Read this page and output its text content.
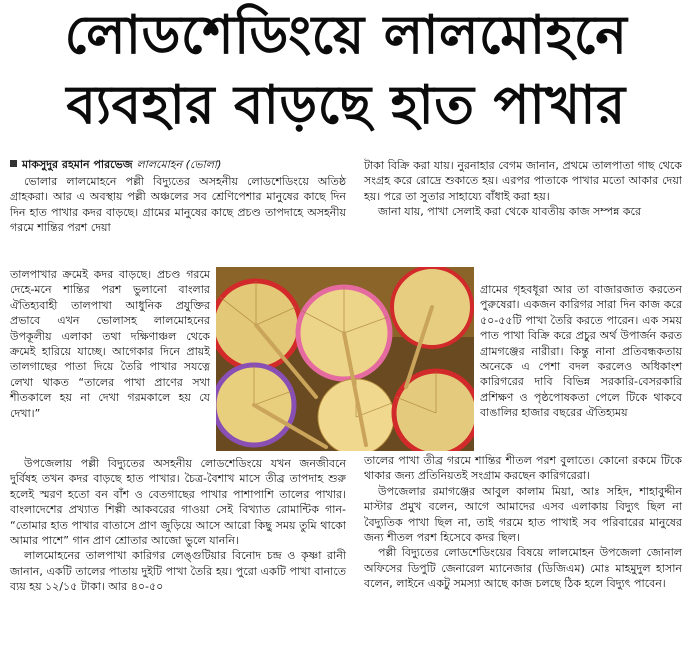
লোডশেডিংয়ে লালমোহনে
ব্যবহার বাড়ছে হাত পাখার
মাকসুদুর রহমান পারভেজ লালমোহন (ভোলা)

ভোলার লালমোহনে পল্লী বিদ্যুতের অসহনীয় লোডশেডিংয়ে অতিষ্ঠ গ্রাহকরা। আর এ অবস্থায় পল্লী অঞ্চলের সব শ্রেণিপেশার মানুষের কাছে দিন দিন হাত পাখার কদর বাড়ছে। গ্রামের মানুষের কাছে প্রচণ্ড তাপদাহে অসহনীয় গরমে শান্তির পরশ দেয়া

তালপাখার ক্রমেই কদর বাড়ছে। প্রচণ্ড গরমে দেহে-মনে শান্তির পরশ ভুলানো বাংলার ঐতিহ্যবাহী তালপাখা আধুনিক প্রযুক্তির প্রভাবে এখন ভোলাসহ লালমোহনের উপকূলীয় এলাকা তথা দক্ষিণাঞ্চল থেকে ক্রমেই হারিয়ে যাচ্ছে। আগেকার দিনে প্রায়ই তালগাছের পাতা দিয়ে তৈরি পাখার সযত্নে লেখা থাকত “তালের পাখা প্রাণের সখা শীতকালে হয় না দেখা গরমকালে হয় যে দেখা।”

উপজেলায় পল্লী বিদ্যুতের অসহনীয় লোডশেডিংয়ে যখন জনজীবনে দুর্বিষহ তখন কদর বাড়ছে হাত পাখার। চৈত্র-বৈশাখ মাসে তীব্র তাপদাহ শুরু হলেই স্মরণ হতো বন বাঁশ ও বেতগাছের পাখার পাশাপাশি তালের পাখার। বাংলাদেশের প্রখ্যাত শিল্পী আকবরের গাওয়া সেই বিখ্যাত রোমান্টিক গান- “তোমার হাত পাখার বাতাসে প্রাণ জুড়িয়ে আসে আরো কিছু সময় তুমি থাকো আমার পাশে” গান প্রাণ শ্রোতার আজো ভুলে যাননি।

লালমোহনের তালপাখা কারিগর লেঙ্গুটিয়ার বিনোদ চন্দ্র ও কৃষ্ণা রানী জানান, একটি তালের পাতায় দুইটি পাখা তৈরি হয়। পুরো একটি পাখা বানাতে ব্যয় হয় ১২/১৫ টাকা। আর ৪০-৫০

টাকা বিক্রি করা যায়। নুরনাহার বেগম জানান, প্রথমে তালপাতা গাছ থেকে সংগ্রহ করে রোদ্রে শুকাতে হয়। এরপর পাতাকে পাখার মতো আকার দেয়া হয়। পরে তা সুতার সাহায্যে বাঁধাই করা হয়।

জানা যায়, পাখা সেলাই করা থেকে যাবতীয় কাজ সম্পন্ন করে

গ্রামের গৃহবধূরা আর তা বাজারজাত করতেন পুরুষেরা। একজন কারিগর সারা দিন কাজ করে ৫০-৫৫টি পাখা তৈরি করতে পারেন। এক সময় পাত পাখা বিক্রি করে প্রচুর অর্থ উপার্জন করত গ্রামগঞ্জের নারীরা। কিন্তু নানা প্রতিবন্ধকতায় অনেকে এ পেশা বদল করলেও অধিকাংশ কারিগরের দাবি বিভিন্ন সরকারি-বেসরকারি প্রশিক্ষণ ও পৃষ্ঠপোষকতা পেলে টিকে থাকবে বাঙালির হাজার বছরের ঐতিহ্যময়

তালের পাখা তীব্র গরমে শান্তির শীতল পরশ বুলাতে। কোনো রকমে টিকে থাকার জন্য প্রতিনিয়তই সংগ্রাম করছেন কারিগরেরা।

উপজেলার রমাগঞ্জের আবুল কালাম মিয়া, আঃ সহিদ, শাহাবুদ্দীন মাস্টার প্রমুখ বলেন, আগে আমাদের এসব এলাকায় বিদ্যুৎ ছিল না বৈদ্যুতিক পাখা ছিল না, তাই গরমে হাত পাখাই সব পরিবারের মানুষের জন্য শীতল পরশ হিসেবে কদর ছিল।

পল্লী বিদ্যুতের লোডশেডিংয়ের বিষয়ে লালমোহন উপজেলা জোনাল অফিসের ডিপুটি জেনারেল ম্যানেজার (ডিজিএম) মোঃ মাহমুদুল হাসান বলেন, লাইনে একটু সমস্যা আছে কাজ চলছে ঠিক হলে বিদ্যুৎ পাবেন।
